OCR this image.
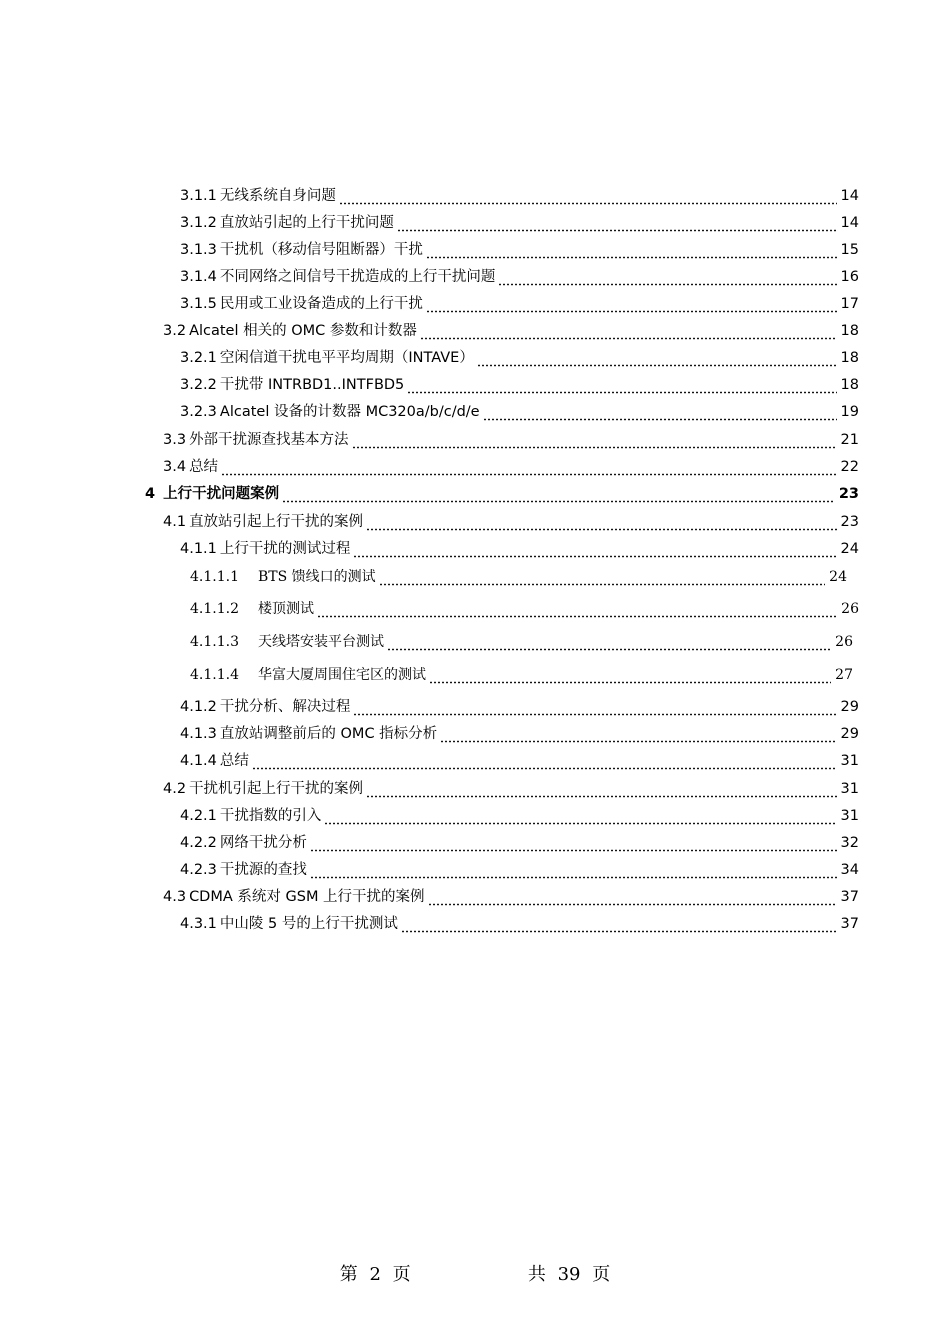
3.1.1 无线系统自身问题	14
3.1.2 直放站引起的上行干扰问题	14
3.1.3 干扰机（移动信号阻断器）干扰	15
3.1.4 不同网络之间信号干扰造成的上行干扰问题	16
3.1.5 民用或工业设备造成的上行干扰	17
3.2 Alcatel 相关的 OMC 参数和计数器	18
3.2.1 空闲信道干扰电平平均周期（INTAVE）	18
3.2.2 干扰带 INTRBD1..INTFBD5	18
3.2.3 Alcatel 设备的计数器 MC320a/b/c/d/e	19
3.3 外部干扰源查找基本方法	21
3.4 总结	22
4 上行干扰问题案例	23
4.1 直放站引起上行干扰的案例	23
4.1.1 上行干扰的测试过程	24
4.1.1.1 BTS 馈线口的测试	24
4.1.1.2 楼顶测试	26
4.1.1.3 天线塔安装平台测试	26
4.1.1.4 华富大厦周围住宅区的测试	27
4.1.2 干扰分析、解决过程	29
4.1.3 直放站调整前后的 OMC 指标分析	29
4.1.4 总结	31
4.2 干扰机引起上行干扰的案例	31
4.2.1 干扰指数的引入	31
4.2.2 网络干扰分析	32
4.2.3 干扰源的查找	34
4.3 CDMA 系统对 GSM 上行干扰的案例	37
4.3.1 中山陵 5 号的上行干扰测试	37
第 2 页	共 39 页
